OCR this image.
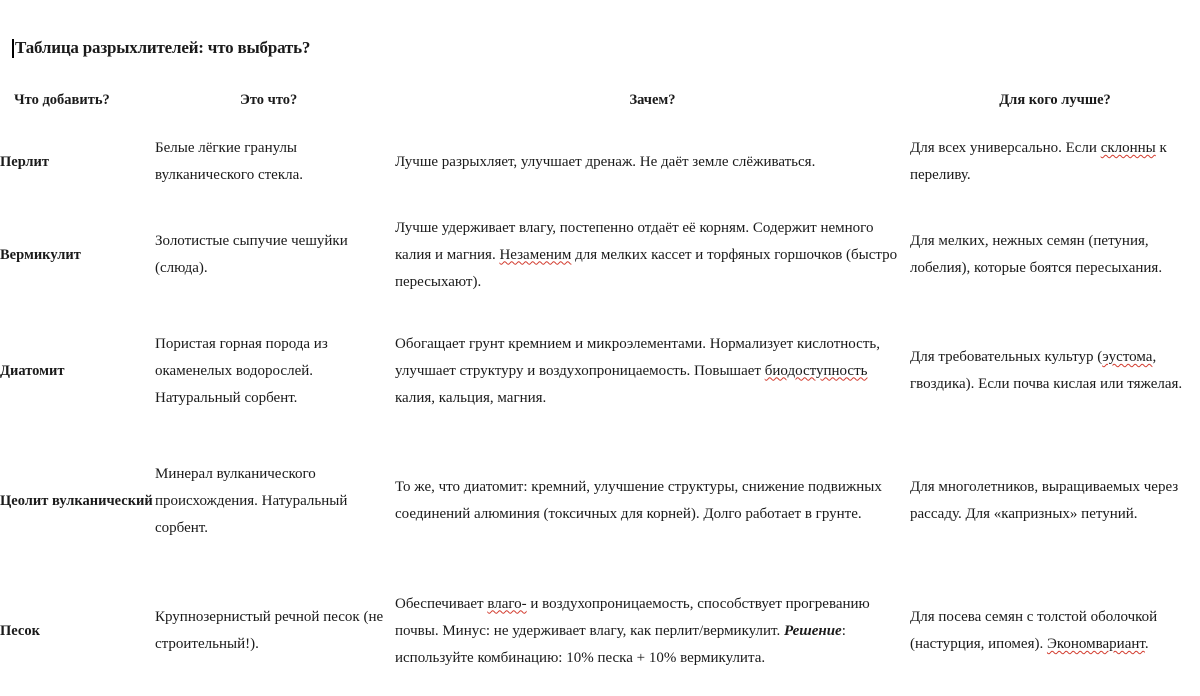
Таблица разрыхлителей: что выбрать?
Что добавить?	Это что?	Зачем?	Для кого лучше?
Перлит	Белые лёгкие гранулы вулканического стекла.	Лучше разрыхляет, улучшает дренаж. Не даёт земле слёживаться.	Для всех универсально. Если склонны к переливу.
Вермикулит	Золотистые сыпучие чешуйки (слюда).	Лучше удерживает влагу, постепенно отдаёт её корням. Содержит немного калия и магния. Незаменим для мелких кассет и торфяных горшочков (быстро пересыхают).	Для мелких, нежных семян (петуния, лобелия), которые боятся пересыхания.
Диатомит	Пористая горная порода из окаменелых водорослей. Натуральный сорбент.	Обогащает грунт кремнием и микроэлементами. Нормализует кислотность, улучшает структуру и воздухопроницаемость. Повышает биодоступность калия, кальция, магния.	Для требовательных культур (эустома, гвоздика). Если почва кислая или тяжелая.
Цеолит вулканический	Минерал вулканического происхождения. Натуральный сорбент.	То же, что диатомит: кремний, улучшение структуры, снижение подвижных соединений алюминия (токсичных для корней). Долго работает в грунте.	Для многолетников, выращиваемых через рассаду. Для «капризных» петуний.
Песок	Крупнозернистый речной песок (не строительный!).	Обеспечивает влаго- и воздухопроницаемость, способствует прогреванию почвы. Минус: не удерживает влагу, как перлит/вермикулит. Решение: используйте комбинацию: 10% песка + 10% вермикулита.	Для посева семян с толстой оболочкой (настурция, ипомея). Экономвариант.
